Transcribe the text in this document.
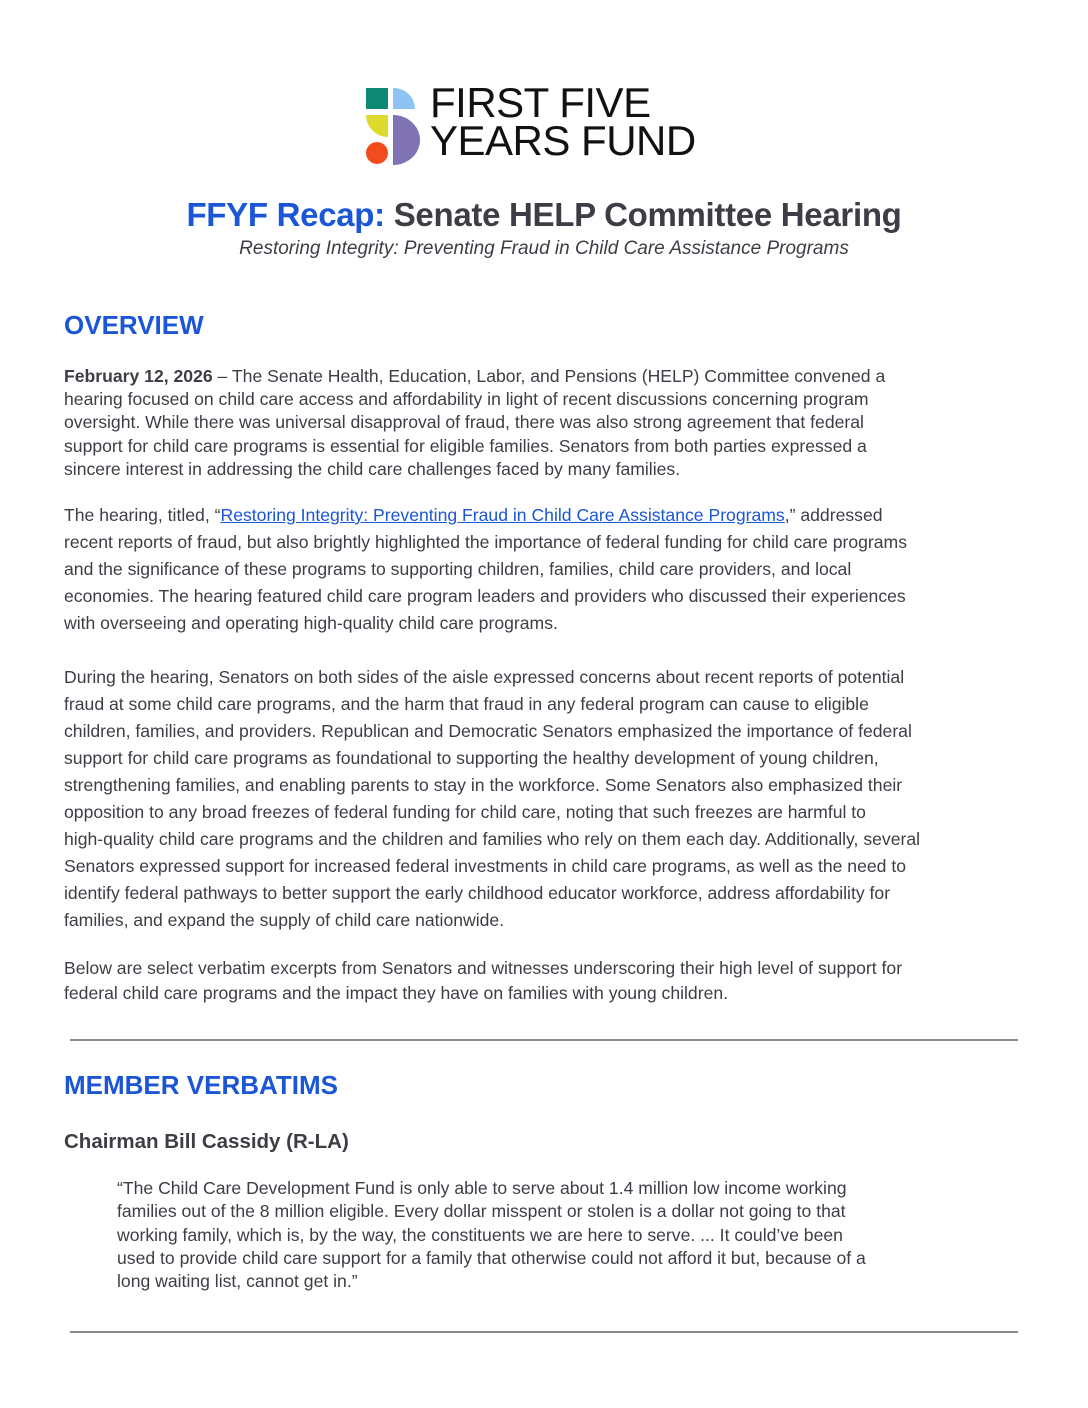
FIRST FIVE
YEARS FUND
FFYF Recap: Senate HELP Committee Hearing
Restoring Integrity: Preventing Fraud in Child Care Assistance Programs
OVERVIEW
February 12, 2026 – The Senate Health, Education, Labor, and Pensions (HELP) Committee convened a
hearing focused on child care access and affordability in light of recent discussions concerning program
oversight. While there was universal disapproval of fraud, there was also strong agreement that federal
support for child care programs is essential for eligible families. Senators from both parties expressed a
sincere interest in addressing the child care challenges faced by many families.
The hearing, titled, “Restoring Integrity: Preventing Fraud in Child Care Assistance Programs,” addressed
recent reports of fraud, but also brightly highlighted the importance of federal funding for child care programs
and the significance of these programs to supporting children, families, child care providers, and local
economies. The hearing featured child care program leaders and providers who discussed their experiences
with overseeing and operating high-quality child care programs.
During the hearing, Senators on both sides of the aisle expressed concerns about recent reports of potential
fraud at some child care programs, and the harm that fraud in any federal program can cause to eligible
children, families, and providers. Republican and Democratic Senators emphasized the importance of federal
support for child care programs as foundational to supporting the healthy development of young children,
strengthening families, and enabling parents to stay in the workforce. Some Senators also emphasized their
opposition to any broad freezes of federal funding for child care, noting that such freezes are harmful to
high-quality child care programs and the children and families who rely on them each day. Additionally, several
Senators expressed support for increased federal investments in child care programs, as well as the need to
identify federal pathways to better support the early childhood educator workforce, address affordability for
families, and expand the supply of child care nationwide.
Below are select verbatim excerpts from Senators and witnesses underscoring their high level of support for
federal child care programs and the impact they have on families with young children.
MEMBER VERBATIMS
Chairman Bill Cassidy (R-LA)
“The Child Care Development Fund is only able to serve about 1.4 million low income working
families out of the 8 million eligible. Every dollar misspent or stolen is a dollar not going to that
working family, which is, by the way, the constituents we are here to serve. ... It could’ve been
used to provide child care support for a family that otherwise could not afford it but, because of a
long waiting list, cannot get in.”
